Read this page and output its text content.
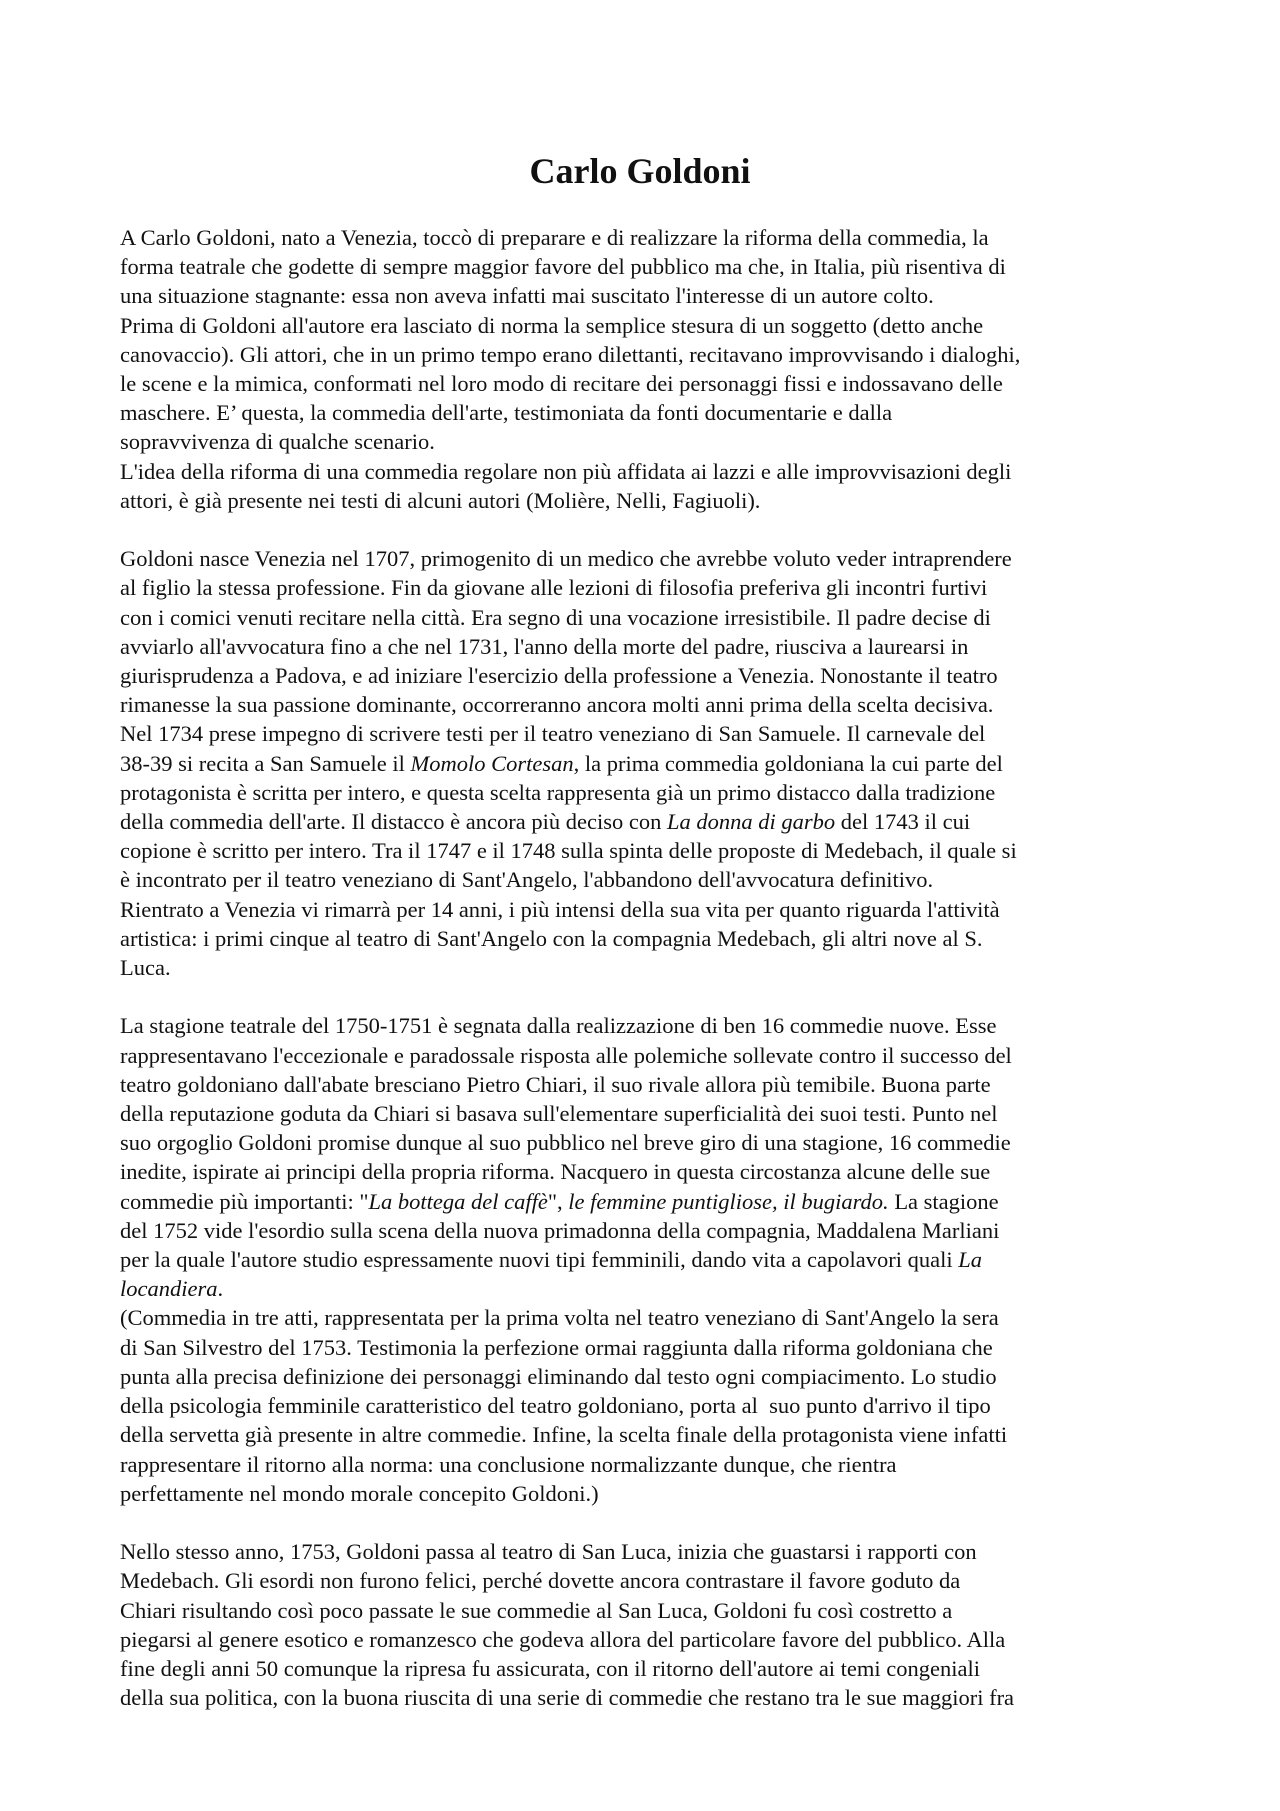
Carlo Goldoni

A Carlo Goldoni, nato a Venezia, toccò di preparare e di realizzare la riforma della commedia, la
forma teatrale che godette di sempre maggior favore del pubblico ma che, in Italia, più risentiva di
una situazione stagnante: essa non aveva infatti mai suscitato l'interesse di un autore colto.

Prima di Goldoni all'autore era lasciato di norma la semplice stesura di un soggetto (detto anche
canovaccio). Gli attori, che in un primo tempo erano dilettanti, recitavano improvvisando i dialoghi,
le scene e la mimica, conformati nel loro modo di recitare dei personaggi fissi e indossavano delle
maschere. E’ questa, la commedia dell'arte, testimoniata da fonti documentarie e dalla
sopravvivenza di qualche scenario.

L'idea della riforma di una commedia regolare non più affidata ai lazzi e alle improvvisazioni degli
attori, è già presente nei testi di alcuni autori (Molière, Nelli, Fagiuoli).

Goldoni nasce Venezia nel 1707, primogenito di un medico che avrebbe voluto veder intraprendere
al figlio la stessa professione. Fin da giovane alle lezioni di filosofia preferiva gli incontri furtivi
con i comici venuti recitare nella città. Era segno di una vocazione irresistibile. Il padre decise di
avviarlo all'avvocatura fino a che nel 1731, l'anno della morte del padre, riusciva a laurearsi in
giurisprudenza a Padova, e ad iniziare l'esercizio della professione a Venezia. Nonostante il teatro
rimanesse la sua passione dominante, occorreranno ancora molti anni prima della scelta decisiva.
Nel 1734 prese impegno di scrivere testi per il teatro veneziano di San Samuele. Il carnevale del
38-39 si recita a San Samuele il Momolo Cortesan, la prima commedia goldoniana la cui parte del
protagonista è scritta per intero, e questa scelta rappresenta già un primo distacco dalla tradizione
della commedia dell'arte. Il distacco è ancora più deciso con La donna di garbo del 1743 il cui
copione è scritto per intero. Tra il 1747 e il 1748 sulla spinta delle proposte di Medebach, il quale si
è incontrato per il teatro veneziano di Sant'Angelo, l'abbandono dell'avvocatura definitivo.

Rientrato a Venezia vi rimarrà per 14 anni, i più intensi della sua vita per quanto riguarda l'attività
artistica: i primi cinque al teatro di Sant'Angelo con la compagnia Medebach, gli altri nove al S.
Luca.

La stagione teatrale del 1750-1751 è segnata dalla realizzazione di ben 16 commedie nuove. Esse
rappresentavano l'eccezionale e paradossale risposta alle polemiche sollevate contro il successo del
teatro goldoniano dall'abate bresciano Pietro Chiari, il suo rivale allora più temibile. Buona parte
della reputazione goduta da Chiari si basava sull'elementare superficialità dei suoi testi. Punto nel
suo orgoglio Goldoni promise dunque al suo pubblico nel breve giro di una stagione, 16 commedie
inedite, ispirate ai principi della propria riforma. Nacquero in questa circostanza alcune delle sue
commedie più importanti: "La bottega del caffè", le femmine puntigliose, il bugiardo. La stagione
del 1752 vide l'esordio sulla scena della nuova primadonna della compagnia, Maddalena Marliani
per la quale l'autore studio espressamente nuovi tipi femminili, dando vita a capolavori quali La
locandiera.

(Commedia in tre atti, rappresentata per la prima volta nel teatro veneziano di Sant'Angelo la sera
di San Silvestro del 1753. Testimonia la perfezione ormai raggiunta dalla riforma goldoniana che
punta alla precisa definizione dei personaggi eliminando dal testo ogni compiacimento. Lo studio
della psicologia femminile caratteristico del teatro goldoniano, porta al  suo punto d'arrivo il tipo
della servetta già presente in altre commedie. Infine, la scelta finale della protagonista viene infatti
rappresentare il ritorno alla norma: una conclusione normalizzante dunque, che rientra
perfettamente nel mondo morale concepito Goldoni.)

Nello stesso anno, 1753, Goldoni passa al teatro di San Luca, inizia che guastarsi i rapporti con
Medebach. Gli esordi non furono felici, perché dovette ancora contrastare il favore goduto da
Chiari risultando così poco passate le sue commedie al San Luca, Goldoni fu così costretto a
piegarsi al genere esotico e romanzesco che godeva allora del particolare favore del pubblico. Alla
fine degli anni 50 comunque la ripresa fu assicurata, con il ritorno dell'autore ai temi congeniali
della sua politica, con la buona riuscita di una serie di commedie che restano tra le sue maggiori fra
